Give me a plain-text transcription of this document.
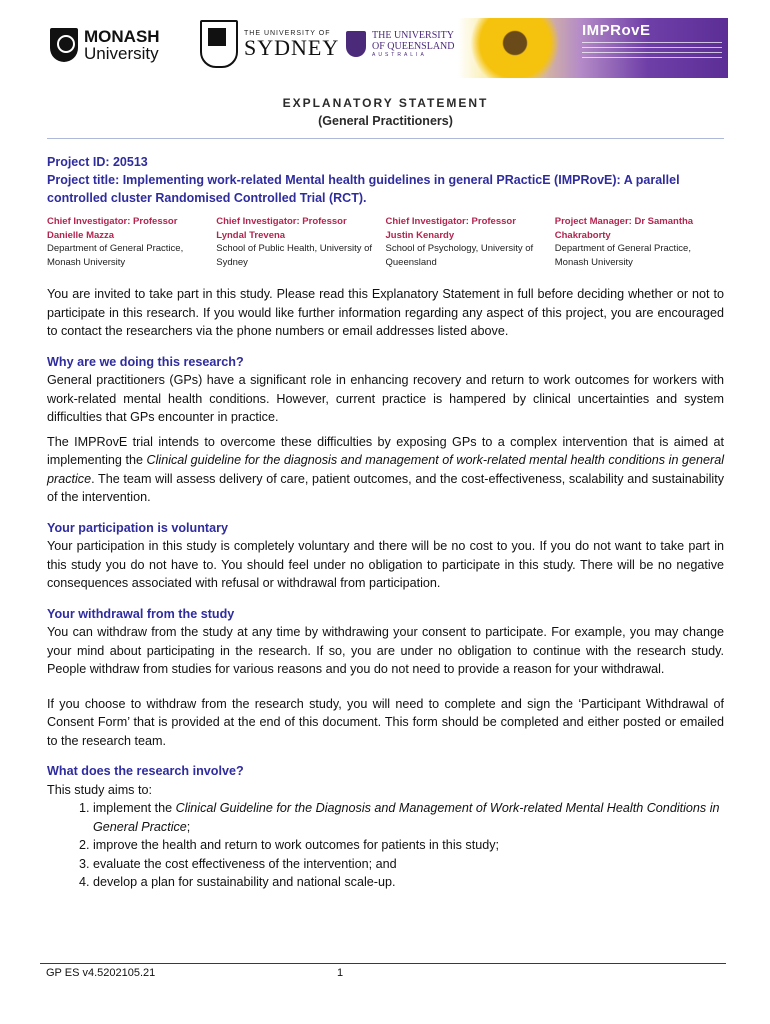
MONASH
University
THE UNIVERSITY OF
SYDNEY	THE UNIVERSITY
OF QUEENSLAND
AUSTRALIA
IMPRovE

EXPLANATORY STATEMENT

(General Practitioners)

Project ID: 20513

Project title: Implementing work-related Mental health guidelines in general PRacticE (IMPRovE): A parallel controlled cluster Randomised Controlled Trial (RCT).

Chief Investigator: Professor
Danielle Mazza
Department of General Practice, Monash University
Chief Investigator: Professor
Lyndal Trevena
School of Public Health, University of Sydney
Chief Investigator: Professor
Justin Kenardy
School of Psychology, University of Queensland
Project Manager: Dr Samantha
Chakraborty
Department of General Practice, Monash University

You are invited to take part in this study. Please read this Explanatory Statement in full before deciding whether or not to participate in this research. If you would like further information regarding any aspect of this project, you are encouraged to contact the researchers via the phone numbers or email addresses listed above.

Why are we doing this research?

General practitioners (GPs) have a significant role in enhancing recovery and return to work outcomes for workers with work-related mental health conditions. However, current practice is hampered by clinical uncertainties and system difficulties that GPs encounter in practice.

The IMPRovE trial intends to overcome these difficulties by exposing GPs to a complex intervention that is aimed at implementing the Clinical guideline for the diagnosis and management of work-related mental health conditions in general practice. The team will assess delivery of care, patient outcomes, and the cost-effectiveness, scalability and sustainability of the intervention.

Your participation is voluntary

Your participation in this study is completely voluntary and there will be no cost to you. If you do not want to take part in this study you do not have to. You should feel under no obligation to participate in this study. There will be no negative consequences associated with refusal or withdrawal from participation.

Your withdrawal from the study

You can withdraw from the study at any time by withdrawing your consent to participate. For example, you may change your mind about participating in the research. If so, you are under no obligation to continue with the research study. People withdraw from studies for various reasons and you do not need to provide a reason for your withdrawal.

If you choose to withdraw from the research study, you will need to complete and sign the ‘Participant Withdrawal of Consent Form’ that is provided at the end of this document. This form should be completed and either posted or emailed to the research team.

What does the research involve?

This study aims to:

1. implement the Clinical Guideline for the Diagnosis and Management of Work-related Mental Health Conditions in General Practice;
2. improve the health and return to work outcomes for patients in this study;
3. evaluate the cost effectiveness of the intervention; and
4. develop a plan for sustainability and national scale-up.
GP ES v4.5202105.21	1
